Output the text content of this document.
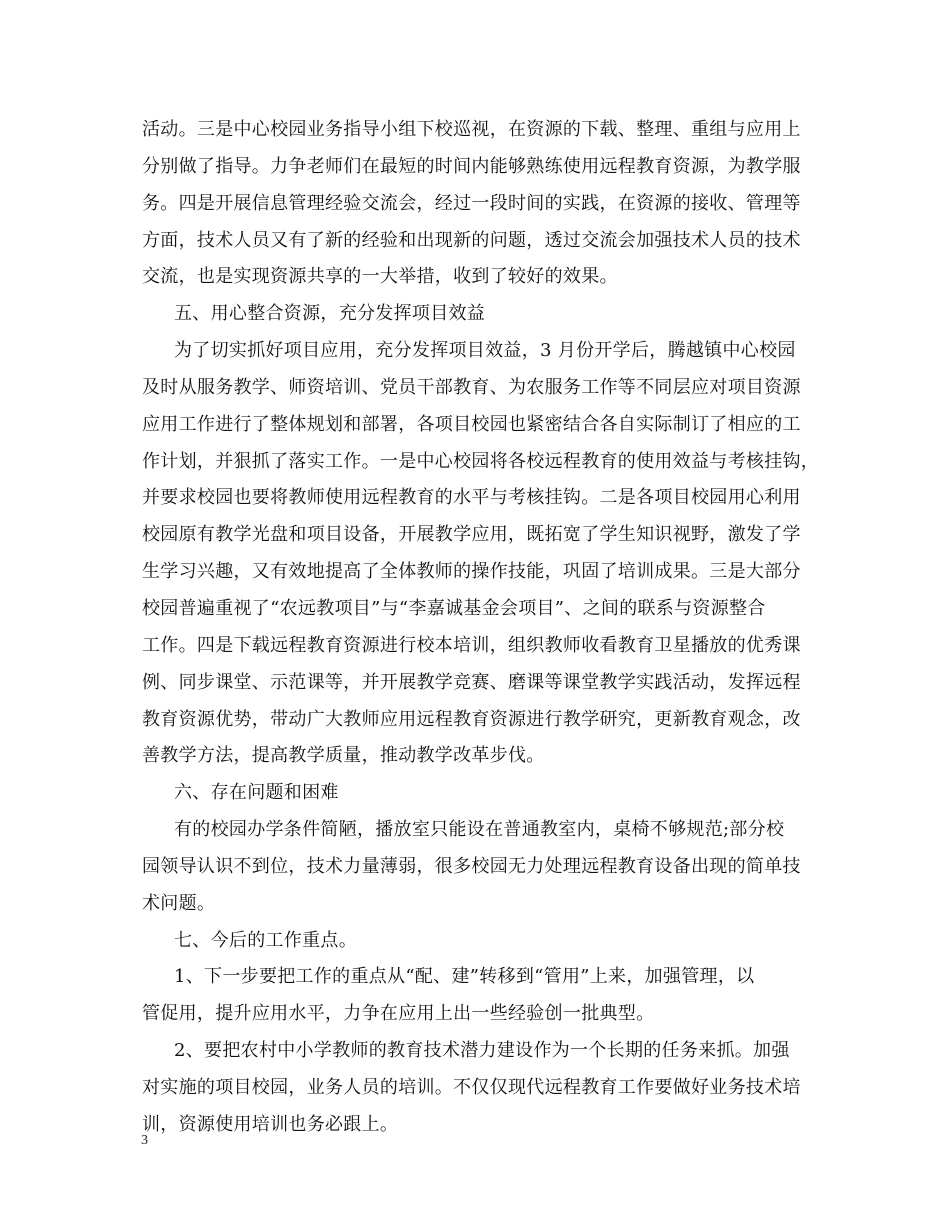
活动。三是中心校园业务指导小组下校巡视，在资源的下载、整理、重组与应用上
分别做了指导。力争老师们在最短的时间内能够熟练使用远程教育资源，为教学服
务。四是开展信息管理经验交流会，经过一段时间的实践，在资源的接收、管理等
方面，技术人员又有了新的经验和出现新的问题，透过交流会加强技术人员的技术
交流，也是实现资源共享的一大举措，收到了较好的效果。
五、用心整合资源，充分发挥项目效益
为了切实抓好项目应用，充分发挥项目效益，3 月份开学后，腾越镇中心校园
及时从服务教学、师资培训、党员干部教育、为农服务工作等不同层应对项目资源
应用工作进行了整体规划和部署，各项目校园也紧密结合各自实际制订了相应的工
作计划，并狠抓了落实工作。一是中心校园将各校远程教育的使用效益与考核挂钩，
并要求校园也要将教师使用远程教育的水平与考核挂钩。二是各项目校园用心利用
校园原有教学光盘和项目设备，开展教学应用，既拓宽了学生知识视野，激发了学
生学习兴趣，又有效地提高了全体教师的操作技能，巩固了培训成果。三是大部分
校园普遍重视了“农远教项目”与“李嘉诚基金会项目”、之间的联系与资源整合
工作。四是下载远程教育资源进行校本培训，组织教师收看教育卫星播放的优秀课
例、同步课堂、示范课等，并开展教学竞赛、磨课等课堂教学实践活动，发挥远程
教育资源优势，带动广大教师应用远程教育资源进行教学研究，更新教育观念，改
善教学方法，提高教学质量，推动教学改革步伐。
六、存在问题和困难
有的校园办学条件简陋，播放室只能设在普通教室内，桌椅不够规范;部分校
园领导认识不到位，技术力量薄弱，很多校园无力处理远程教育设备出现的简单技
术问题。
七、今后的工作重点。
1、下一步要把工作的重点从“配、建”转移到“管用”上来，加强管理，以
管促用，提升应用水平，力争在应用上出一些经验创一批典型。
2、要把农村中小学教师的教育技术潜力建设作为一个长期的任务来抓。加强
对实施的项目校园，业务人员的培训。不仅仅现代远程教育工作要做好业务技术培
训，资源使用培训也务必跟上。
3
